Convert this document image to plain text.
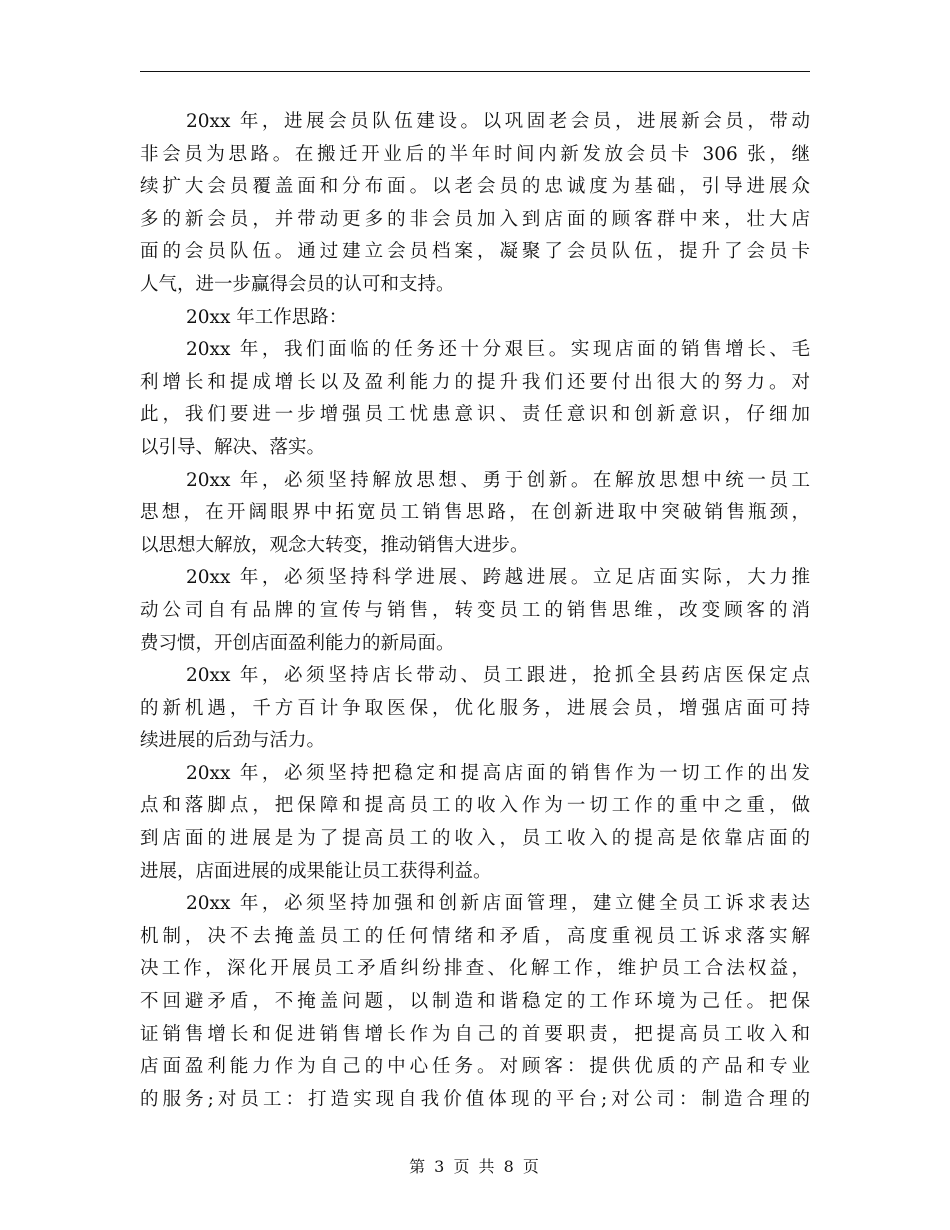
20xx 年，进展会员队伍建设。以巩固老会员，进展新会员，带动
非会员为思路。在搬迁开业后的半年时间内新发放会员卡 306 张，继
续扩大会员覆盖面和分布面。以老会员的忠诚度为基础，引导进展众
多的新会员，并带动更多的非会员加入到店面的顾客群中来，壮大店
面的会员队伍。通过建立会员档案，凝聚了会员队伍，提升了会员卡
人气，进一步赢得会员的认可和支持。
20xx 年工作思路：
20xx 年，我们面临的任务还十分艰巨。实现店面的销售增长、毛
利增长和提成增长以及盈利能力的提升我们还要付出很大的努力。对
此，我们要进一步增强员工忧患意识、责任意识和创新意识，仔细加
以引导、解决、落实。
20xx 年，必须坚持解放思想、勇于创新。在解放思想中统一员工
思想，在开阔眼界中拓宽员工销售思路，在创新进取中突破销售瓶颈，
以思想大解放，观念大转变，推动销售大进步。
20xx 年，必须坚持科学进展、跨越进展。立足店面实际，大力推
动公司自有品牌的宣传与销售，转变员工的销售思维，改变顾客的消
费习惯，开创店面盈利能力的新局面。
20xx 年，必须坚持店长带动、员工跟进，抢抓全县药店医保定点
的新机遇，千方百计争取医保，优化服务，进展会员，增强店面可持
续进展的后劲与活力。
20xx 年，必须坚持把稳定和提高店面的销售作为一切工作的出发
点和落脚点，把保障和提高员工的收入作为一切工作的重中之重，做
到店面的进展是为了提高员工的收入，员工收入的提高是依靠店面的
进展，店面进展的成果能让员工获得利益。
20xx 年，必须坚持加强和创新店面管理，建立健全员工诉求表达
机制，决不去掩盖员工的任何情绪和矛盾，高度重视员工诉求落实解
决工作，深化开展员工矛盾纠纷排查、化解工作，维护员工合法权益，
不回避矛盾，不掩盖问题，以制造和谐稳定的工作环境为己任。把保
证销售增长和促进销售增长作为自己的首要职责，把提高员工收入和
店面盈利能力作为自己的中心任务。对顾客：提供优质的产品和专业
的服务;对员工：打造实现自我价值体现的平台;对公司：制造合理的
第 3 页 共 8 页
